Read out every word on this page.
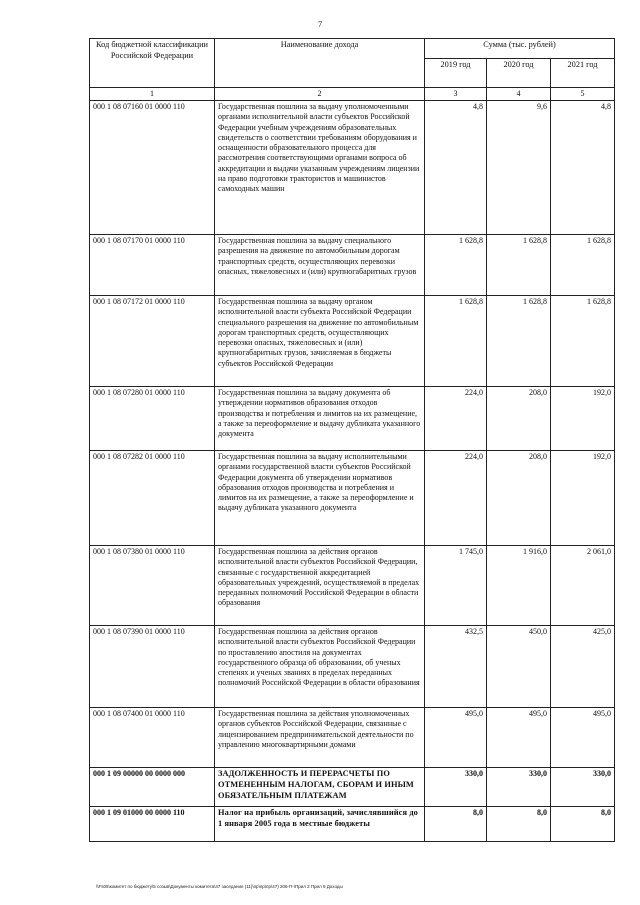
7
Код бюджетной классификации Российской Федерации	Наименование дохода	Сумма (тыс. рублей)		
		2019 год	2020 год	2021 год
1	2	3	4	5
000 1 08 07160 01 0000 110	Государственная пошлина за выдачу уполномоченными органами исполнительной власти субъектов Российской Федерации учебным учреждениям образовательных свидетельств о соответствии требованиям оборудования и оснащенности образовательного процесса для рассмотрения соответствующими органами вопроса об аккредитации и выдачи указанным учреждениям лицензии на право подготовки трактористов и машинистов самоходных машин	4,8	9,6	4,8
000 1 08 07170 01 0000 110	Государственная пошлина за выдачу специального разрешения на движение по автомобильным дорогам транспортных средств, осуществляющих перевозки опасных, тяжеловесных и (или) крупногабаритных грузов	1 628,8	1 628,8	1 628,8
000 1 08 07172 01 0000 110	Государственная пошлина за выдачу органом исполнительной власти субъекта Российской Федерации специального разрешения на движение по автомобильным дорогам транспортных средств, осуществляющих перевозки опасных, тяжеловесных и (или) крупногабаритных грузов, зачисляемая в бюджеты субъектов Российской Федерации	1 628,8	1 628,8	1 628,8
000 1 08 07280 01 0000 110	Государственная пошлина за выдачу документа об утверждении нормативов образования отходов производства и потребления и лимитов на их размещение, а также за переоформление и выдачу дубликата указанного документа	224,0	208,0	192,0
000 1 08 07282 01 0000 110	Государственная пошлина за выдачу исполнительными органами государственной власти субъектов Российской Федерации документа об утверждении нормативов образования отходов производства и потребления и лимитов на их размещение, а также за переоформление и выдачу дубликата указанного документа	224,0	208,0	192,0
000 1 08 07380 01 0000 110	Государственная пошлина за действия органов исполнительной власти субъектов Российской Федерации, связанные с государственной аккредитацией образовательных учреждений, осуществляемой в пределах переданных полномочий Российской Федерации в области образования	1 745,0	1 916,0	2 061,0
000 1 08 07390 01 0000 110	Государственная пошлина за действия органов исполнительной власти субъектов Российской Федерации по проставлению апостиля на документах государственного образца об образовании, об ученых степенях и ученых званиях в пределах переданных полномочий Российской Федерации в области образования	432,5	450,0	425,0
000 1 08 07400 01 0000 110	Государственная пошлина за действия уполномоченных органов субъектов Российской Федерации, связанные с лицензированием предпринимательской деятельности по управлению многоквартирными домами	495,0	495,0	495,0
000 1 09 00000 00 0000 000	ЗАДОЛЖЕННОСТЬ И ПЕРЕРАСЧЕТЫ ПО ОТМЕНЕННЫМ НАЛОГАМ, СБОРАМ И ИНЫМ ОБЯЗАТЕЛЬНЫМ ПЛАТЕЖАМ	330,0	330,0	330,0
000 1 09 01000 00 0000 110	Налог на прибыль организаций, зачислявшийся до 1 января 2005 года в местные бюджеты	8,0	8,0	8,0
\\Fs05\комитет по бюджету\5 созыв\Документы комитета\47 заседание (11)\пр\пр\пр\47) 206-П-\Прил 2 Прил 9 Доходы
